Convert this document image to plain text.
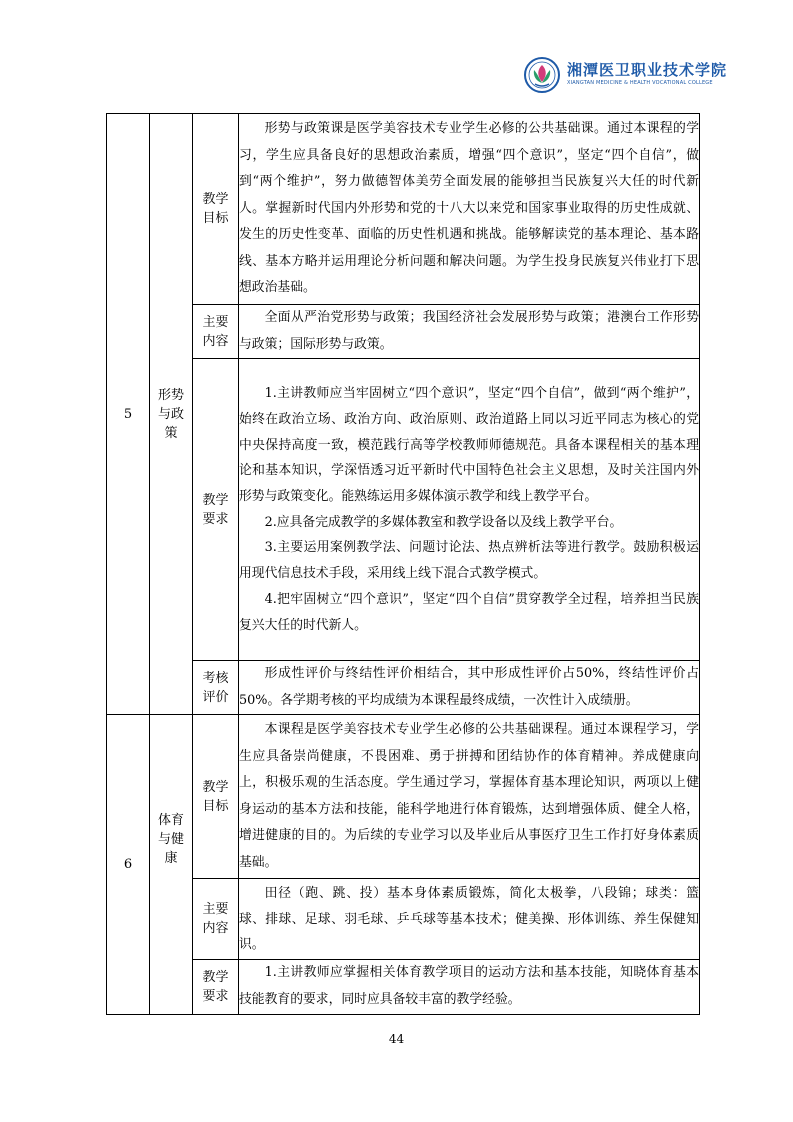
湘潭医卫职业技术学院
XIANGTAN MEDICINE & HEALTH VOCATIONAL COLLEGE
5	形势与政策	教学目标	形势与政策课是医学美容技术专业学生必修的公共基础课。通过本课程的学习，学生应具备良好的思想政治素质，增强“四个意识”，坚定“四个自信”，做到“两个维护”，努力做德智体美劳全面发展的能够担当民族复兴大任的时代新人。掌握新时代国内外形势和党的十八大以来党和国家事业取得的历史性成就、发生的历史性变革、面临的历史性机遇和挑战。能够解读党的基本理论、基本路线、基本方略并运用理论分析问题和解决问题。为学生投身民族复兴伟业打下思想政治基础。

		主要内容	全面从严治党形势与政策；我国经济社会发展形势与政策；港澳台工作形势与政策；国际形势与政策。

		教学要求	1.主讲教师应当牢固树立“四个意识”，坚定“四个自信”，做到“两个维护”，始终在政治立场、政治方向、政治原则、政治道路上同以习近平同志为核心的党中央保持高度一致，模范践行高等学校教师师德规范。具备本课程相关的基本理论和基本知识，学深悟透习近平新时代中国特色社会主义思想，及时关注国内外形势与政策变化。能熟练运用多媒体演示教学和线上教学平台。

2.应具备完成教学的多媒体教室和教学设备以及线上教学平台。

3.主要运用案例教学法、问题讨论法、热点辨析法等进行教学。鼓励积极运用现代信息技术手段，采用线上线下混合式教学模式。

4.把牢固树立“四个意识”，坚定“四个自信”贯穿教学全过程，培养担当民族复兴大任的时代新人。

		考核评价	形成性评价与终结性评价相结合，其中形成性评价占50%，终结性评价占50%。各学期考核的平均成绩为本课程最终成绩，一次性计入成绩册。

6	体育与健康	教学目标	本课程是医学美容技术专业学生必修的公共基础课程。通过本课程学习，学生应具备崇尚健康，不畏困难、勇于拼搏和团结协作的体育精神。养成健康向上，积极乐观的生活态度。学生通过学习，掌握体育基本理论知识，两项以上健身运动的基本方法和技能，能科学地进行体育锻炼，达到增强体质、健全人格，增进健康的目的。为后续的专业学习以及毕业后从事医疗卫生工作打好身体素质基础。

		主要内容	田径（跑、跳、投）基本身体素质锻炼，简化太极拳，八段锦；球类：篮球、排球、足球、羽毛球、乒乓球等基本技术；健美操、形体训练、养生保健知识。

		教学要求	1.主讲教师应掌握相关体育教学项目的运动方法和基本技能，知晓体育基本技能教育的要求，同时应具备较丰富的教学经验。

44
